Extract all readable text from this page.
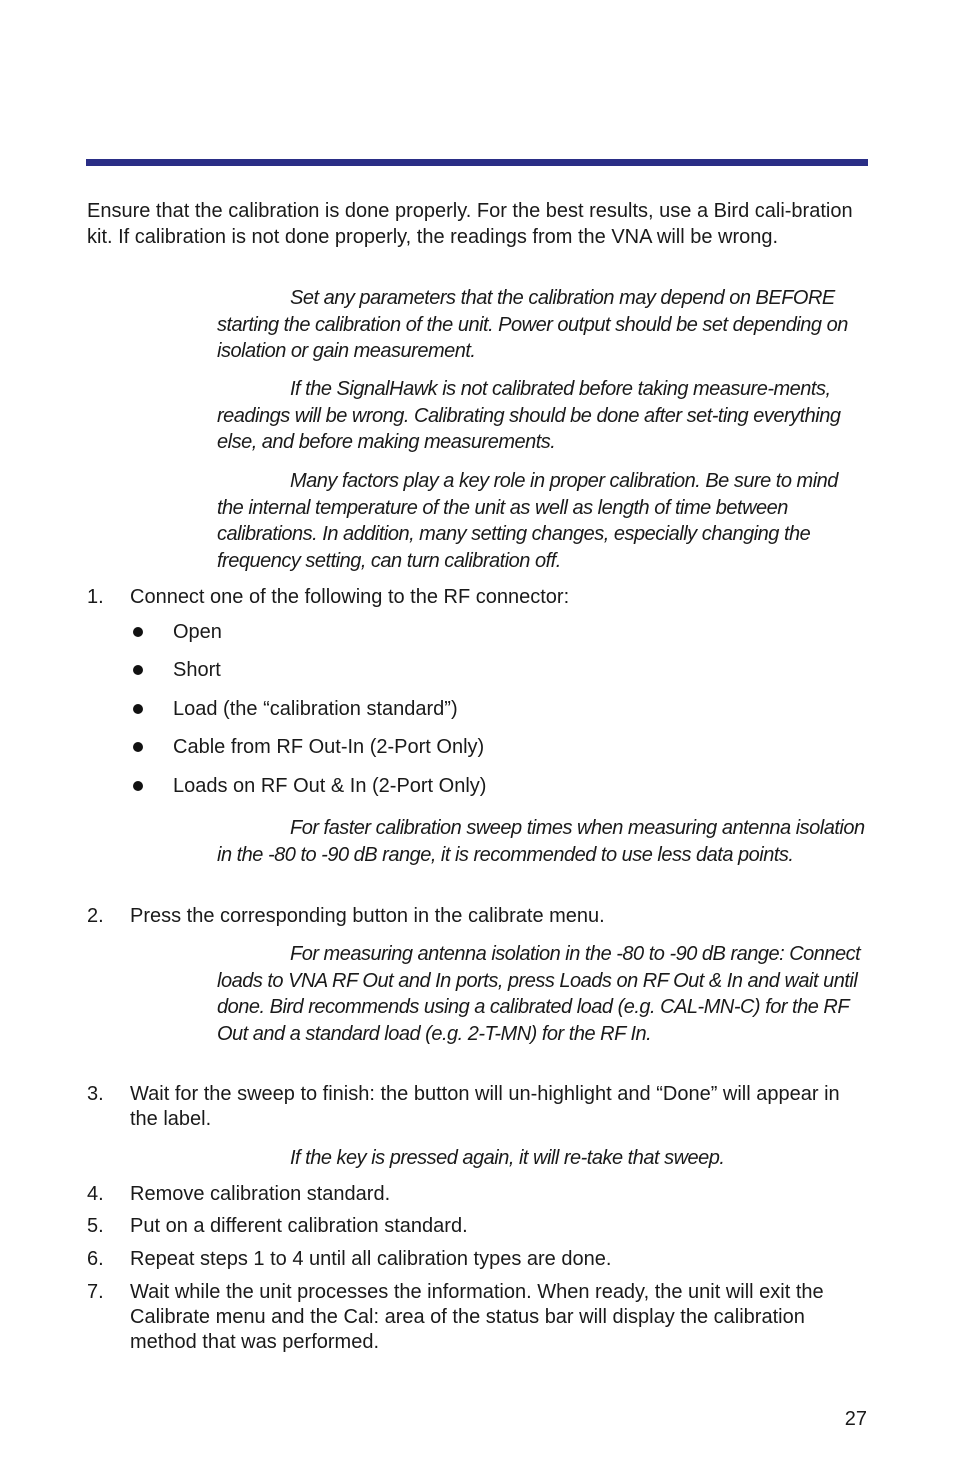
Ensure that the calibration is done properly. For the best results, use a Bird cali-bration kit. If calibration is not done properly, the readings from the VNA will be wrong.

Set any parameters that the calibration may depend on BEFORE starting the calibration of the unit. Power output should be set depending on isolation or gain measurement.

If the SignalHawk is not calibrated before taking measure-ments, readings will be wrong. Calibrating should be done after set-ting everything else, and before making measurements.

Many factors play a key role in proper calibration. Be sure to mind the internal temperature of the unit as well as length of time between calibrations. In addition, many setting changes, especially changing the frequency setting, can turn calibration off.

1. Connect one of the following to the RF connector:
Open
Short
Load (the “calibration standard”)
Cable from RF Out-In (2-Port Only)
Loads on RF Out & In (2-Port Only)

For faster calibration sweep times when measuring antenna isolation in the -80 to -90 dB range, it is recommended to use less data points.

2. Press the corresponding button in the calibrate menu.

For measuring antenna isolation in the -80 to -90 dB range: Connect loads to VNA RF Out and In ports, press Loads on RF Out & In and wait until done. Bird recommends using a calibrated load (e.g. CAL-MN-C) for the RF Out and a standard load (e.g. 2-T-MN) for the RF In.

3. Wait for the sweep to finish: the button will un-highlight and “Done” will appear in the label.

If the key is pressed again, it will re-take that sweep.

4. Remove calibration standard.
5. Put on a different calibration standard.
6. Repeat steps 1 to 4 until all calibration types are done.
7. Wait while the unit processes the information. When ready, the unit will exit the Calibrate menu and the Cal: area of the status bar will display the calibration method that was performed.
27
